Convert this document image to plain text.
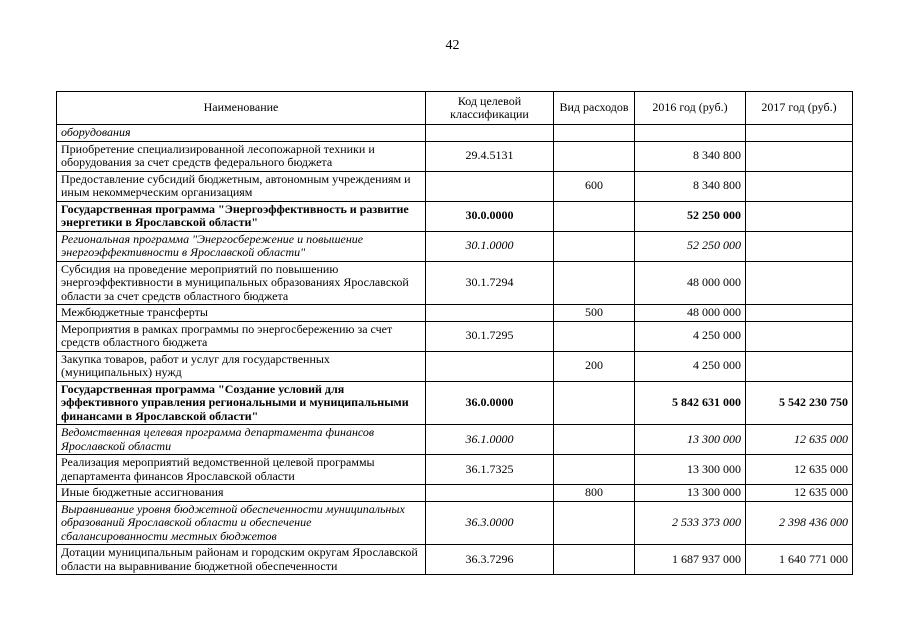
42
Наименование	Код целевой классификации	Вид расходов	2016 год (руб.)	2017 год (руб.)
оборудования				
Приобретение специализированной лесопожарной техники и оборудования за счет средств федерального бюджета	29.4.5131		8 340 800	
Предоставление субсидий бюджетным, автономным учреждениям и иным некоммерческим организациям		600	8 340 800	
Государственная программа "Энергоэффективность и развитие энергетики в Ярославской области"	30.0.0000		52 250 000	
Региональная программа "Энергосбережение и повышение энергоэффективности в Ярославской области"	30.1.0000		52 250 000	
Субсидия на проведение мероприятий по повышению энергоэффективности в муниципальных образованиях Ярославской области за счет средств областного бюджета	30.1.7294		48 000 000	
Межбюджетные трансферты		500	48 000 000	
Мероприятия в рамках программы по энергосбережению за счет средств областного бюджета	30.1.7295		4 250 000	
Закупка товаров, работ и услуг для государственных (муниципальных) нужд		200	4 250 000	
Государственная программа "Создание условий для эффективного управления региональными и муниципальными финансами в Ярославской области"	36.0.0000		5 842 631 000	5 542 230 750
Ведомственная целевая программа департамента финансов Ярославской области	36.1.0000		13 300 000	12 635 000
Реализация мероприятий ведомственной целевой программы департамента финансов Ярославской области	36.1.7325		13 300 000	12 635 000
Иные бюджетные ассигнования		800	13 300 000	12 635 000
Выравнивание уровня бюджетной обеспеченности муниципальных образований Ярославской области и обеспечение сбалансированности местных бюджетов	36.3.0000		2 533 373 000	2 398 436 000
Дотации муниципальным районам и городским округам Ярославской области на выравнивание бюджетной обеспеченности	36.3.7296		1 687 937 000	1 640 771 000
